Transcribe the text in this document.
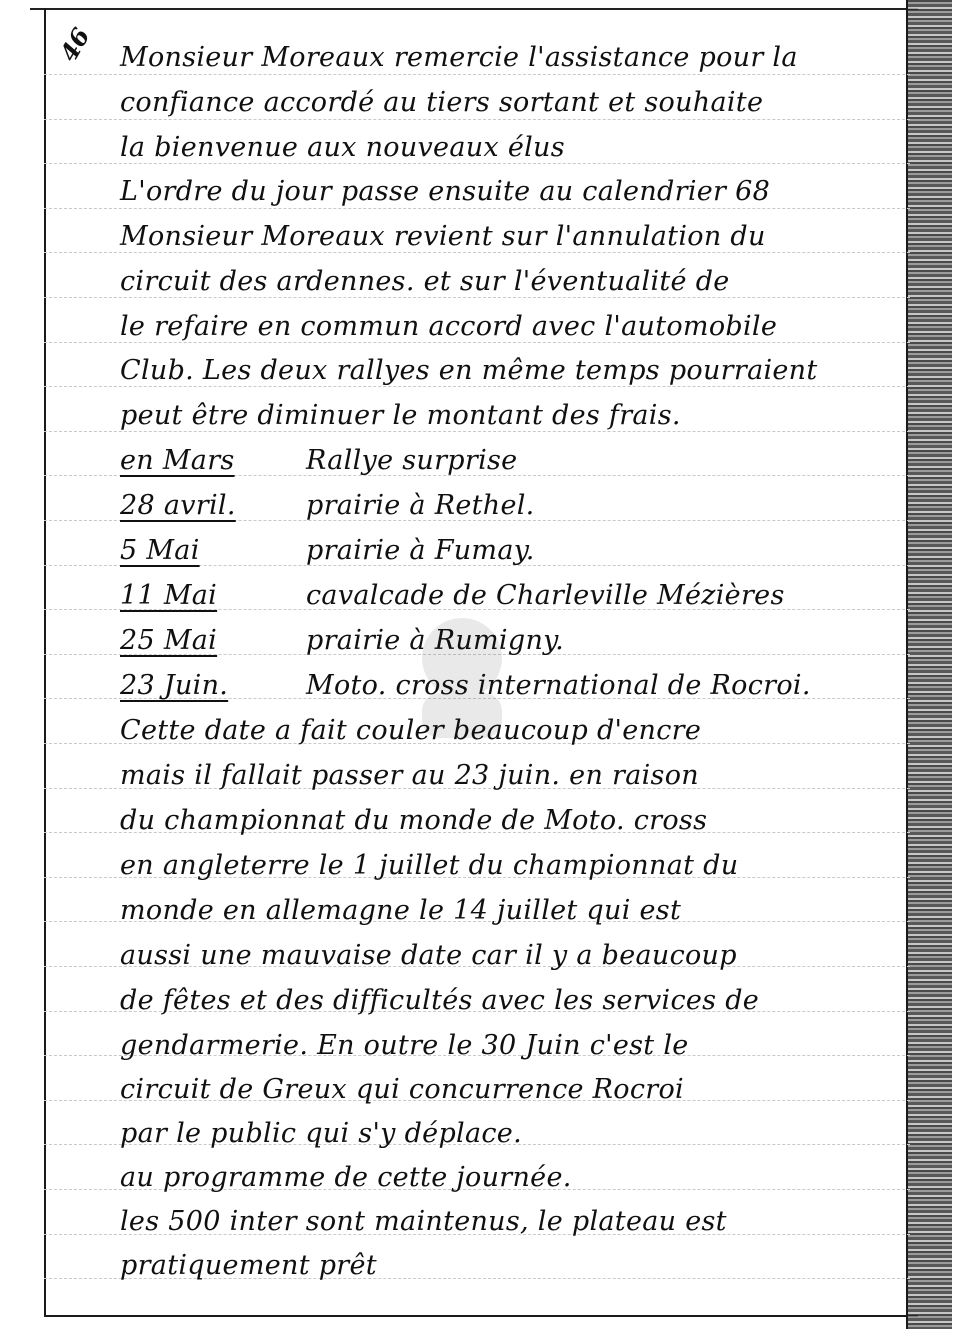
46 Monsieur Moreaux remercie l'assistance pour la
confiance accordé au tiers sortant et souhaite
la bienvenue aux nouveaux élus
L'ordre du jour passe ensuite au calendrier 68
Monsieur Moreaux revient sur l'annulation du
circuit des ardennes. et sur l'éventualité de
le refaire en commun accord avec l'automobile
Club. Les deux rallyes en même temps pourraient
peut être diminuer le montant des frais.
en Mars	Rallye surprise
28 avril.	prairie à Rethel.
5 Mai	prairie à Fumay.
11 Mai	cavalcade de Charleville Mézières
25 Mai	prairie à Rumigny.
23 Juin.	Moto. cross international de Rocroi.
Cette date a fait couler beaucoup d'encre
mais il fallait passer au 23 juin. en raison
du championnat du monde de Moto. cross
en angleterre le 1 juillet du championnat du
monde en allemagne le 14 juillet qui est
aussi une mauvaise date car il y a beaucoup
de fêtes et des difficultés avec les services de
gendarmerie. En outre le 30 Juin c'est le
circuit de Greux qui concurrence Rocroi
par le public qui s'y déplace.
au programme de cette journée.
les 500 inter sont maintenus, le plateau est
pratiquement prêt
